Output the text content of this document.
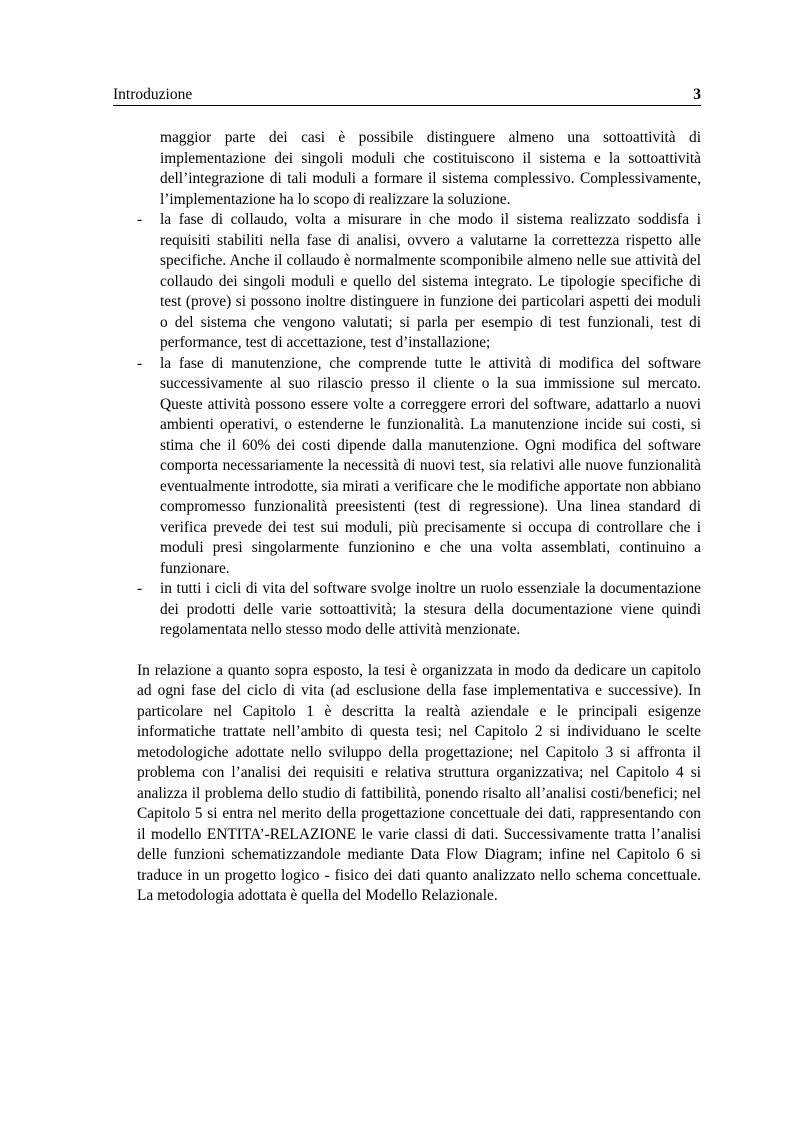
Introduzione	3
maggior parte dei casi è possibile distinguere almeno una sottoattività di implementazione dei singoli moduli che costituiscono il sistema e la sottoattività dell’integrazione di tali moduli a formare il sistema complessivo. Complessivamente, l’implementazione ha lo scopo di realizzare la soluzione.
- la fase di collaudo, volta a misurare in che modo il sistema realizzato soddisfa i requisiti stabiliti nella fase di analisi, ovvero a valutarne la correttezza rispetto alle specifiche. Anche il collaudo è normalmente scomponibile almeno nelle sue attività del collaudo dei singoli moduli e quello del sistema integrato. Le tipologie specifiche di test (prove) si possono inoltre distinguere in funzione dei particolari aspetti dei moduli o del sistema che vengono valutati; si parla per esempio di test funzionali, test di performance, test di accettazione, test d’installazione;
- la fase di manutenzione, che comprende tutte le attività di modifica del software successivamente al suo rilascio presso il cliente o la sua immissione sul mercato. Queste attività possono essere volte a correggere errori del software, adattarlo a nuovi ambienti operativi, o estenderne le funzionalità. La manutenzione incide sui costi, si stima che il 60% dei costi dipende dalla manutenzione. Ogni modifica del software comporta necessariamente la necessità di nuovi test, sia relativi alle nuove funzionalità eventualmente introdotte, sia mirati a verificare che le modifiche apportate non abbiano compromesso funzionalità preesistenti (test di regressione). Una linea standard di verifica prevede dei test sui moduli, più precisamente si occupa di controllare che i moduli presi singolarmente funzionino e che una volta assemblati, continuino a funzionare.
- in tutti i cicli di vita del software svolge inoltre un ruolo essenziale la documentazione dei prodotti delle varie sottoattività; la stesura della documentazione viene quindi regolamentata nello stesso modo delle attività menzionate.

In relazione a quanto sopra esposto, la tesi è organizzata in modo da dedicare un capitolo ad ogni fase del ciclo di vita (ad esclusione della fase implementativa e successive). In particolare nel Capitolo 1 è descritta la realtà aziendale e le principali esigenze informatiche trattate nell’ambito di questa tesi; nel Capitolo 2 si individuano le scelte metodologiche adottate nello sviluppo della progettazione; nel Capitolo 3 si affronta il problema con l’analisi dei requisiti e relativa struttura organizzativa; nel Capitolo 4 si analizza il problema dello studio di fattibilità, ponendo risalto all’analisi costi/benefici; nel Capitolo 5 si entra nel merito della progettazione concettuale dei dati, rappresentando con il modello ENTITA’-RELAZIONE le varie classi di dati. Successivamente tratta l’analisi delle funzioni schematizzandole mediante Data Flow Diagram; infine nel Capitolo 6 si traduce in un progetto logico - fisico dei dati quanto analizzato nello schema concettuale. La metodologia adottata è quella del Modello Relazionale.
